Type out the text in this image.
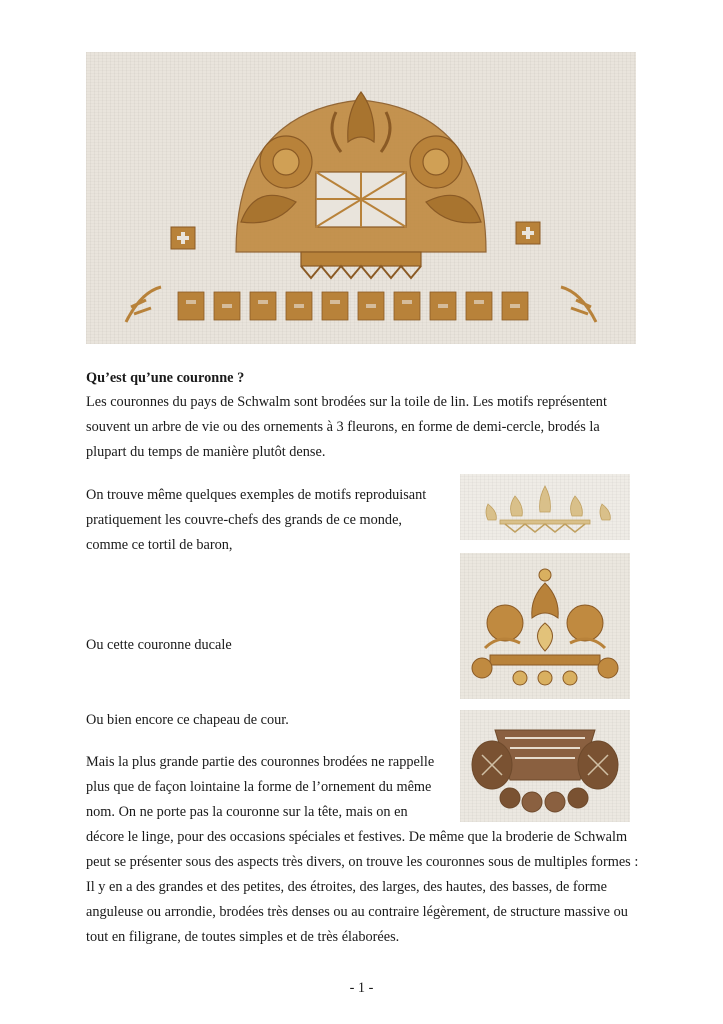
Qu’est qu’une couronne ?

Les couronnes du pays de Schwalm sont brodées sur la toile de lin. Les motifs représentent souvent un arbre de vie ou des ornements à 3 fleurons, en forme de demi-cercle, brodés la plupart du temps de manière plutôt dense.

On trouve même quelques exemples de motifs reproduisant pratiquement les couvre-chefs des grands de ce monde, comme ce tortil de baron,

Ou cette couronne ducale

Ou bien encore ce chapeau de cour.

Mais la plus grande partie des couronnes brodées ne rappelle plus que de façon lointaine la forme de l’ornement du même nom. On ne porte pas la couronne sur la tête, mais on en

décore le linge, pour des occasions spéciales et festives. De même que la broderie de Schwalm peut se présenter sous des aspects très divers, on trouve les couronnes sous de multiples formes : Il y en a des grandes et des petites, des étroites, des larges, des hautes, des basses, de forme anguleuse ou arrondie, brodées très denses ou au contraire légèrement, de structure massive ou tout en filigrane, de toutes simples et de très élaborées.

- 1 -
